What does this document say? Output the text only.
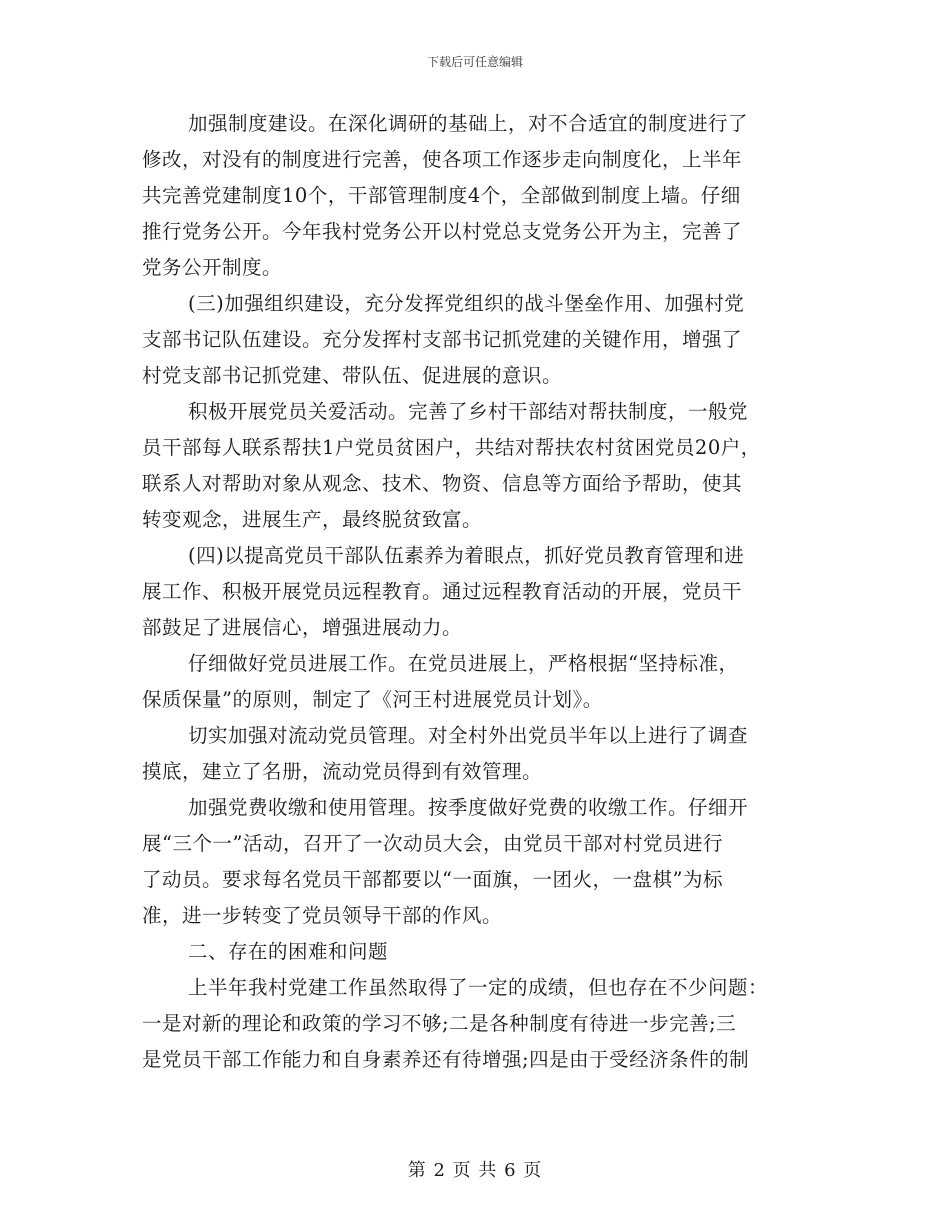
下载后可任意编辑

加强制度建设。在深化调研的基础上，对不合适宜的制度进行了
修改，对没有的制度进行完善，使各项工作逐步走向制度化，上半年
共完善党建制度10个，干部管理制度4个，全部做到制度上墙。仔细
推行党务公开。今年我村党务公开以村党总支党务公开为主，完善了
党务公开制度。

(三)加强组织建设，充分发挥党组织的战斗堡垒作用、加强村党
支部书记队伍建设。充分发挥村支部书记抓党建的关键作用，增强了
村党支部书记抓党建、带队伍、促进展的意识。

积极开展党员关爱活动。完善了乡村干部结对帮扶制度，一般党
员干部每人联系帮扶1户党员贫困户，共结对帮扶农村贫困党员20户，
联系人对帮助对象从观念、技术、物资、信息等方面给予帮助，使其
转变观念，进展生产，最终脱贫致富。

(四)以提高党员干部队伍素养为着眼点，抓好党员教育管理和进
展工作、积极开展党员远程教育。通过远程教育活动的开展，党员干
部鼓足了进展信心，增强进展动力。

仔细做好党员进展工作。在党员进展上，严格根据“坚持标准，
保质保量”的原则，制定了《河王村进展党员计划》。

切实加强对流动党员管理。对全村外出党员半年以上进行了调查
摸底，建立了名册，流动党员得到有效管理。

加强党费收缴和使用管理。按季度做好党费的收缴工作。仔细开
展“三个一”活动，召开了一次动员大会，由党员干部对村党员进行
了动员。要求每名党员干部都要以“一面旗，一团火，一盘棋”为标
准，进一步转变了党员领导干部的作风。

二、存在的困难和问题

上半年我村党建工作虽然取得了一定的成绩，但也存在不少问题：
一是对新的理论和政策的学习不够;二是各种制度有待进一步完善;三
是党员干部工作能力和自身素养还有待增强;四是由于受经济条件的制

第 2 页 共 6 页
